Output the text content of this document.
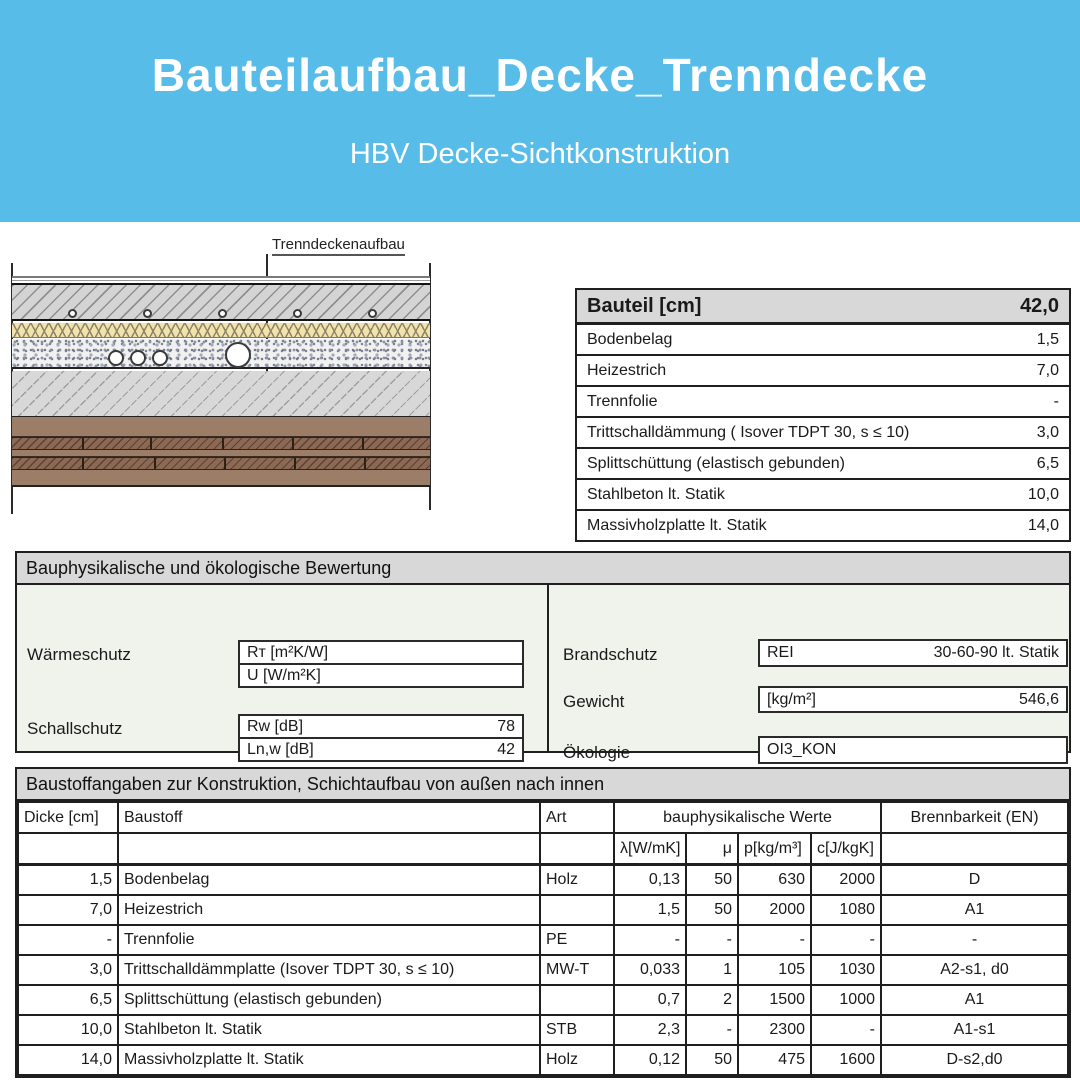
Bauteilaufbau_Decke_Trenndecke
HBV Decke-Sichtkonstruktion
Trenndeckenaufbau
Bauteil [cm]	42,0
Bodenbelag	1,5
Heizestrich	7,0
Trennfolie	-
Trittschalldämmung ( Isover TDPT 30, s ≤ 10)	3,0
Splittschüttung (elastisch gebunden)	6,5
Stahlbeton lt. Statik	10,0
Massivholzplatte lt. Statik	14,0
Bauphysikalische und ökologische Bewertung
Wärmeschutz	Rт [m²K/W]
U [W/m²K]
Schallschutz	Rw [dB]	78
Ln,w [dB]	42
Brandschutz	REI	30-60-90 lt. Statik
Gewicht	[kg/m²]	546,6
Ökologie	OI3_KON
Baustoffangaben zur Konstruktion, Schichtaufbau von außen nach innen
Dicke [cm]	Baustoff	Art	bauphysikalische Werte				Brennbarkeit (EN)
			λ[W/mK]	μ	p[kg/m³]	c[J/kgK]	
1,5	Bodenbelag	Holz	0,13	50	630	2000	D
7,0	Heizestrich		1,5	50	2000	1080	A1
-	Trennfolie	PE	-	-	-	-	-
3,0	Trittschalldämmplatte (Isover TDPT 30, s ≤ 10)	MW-T	0,033	1	105	1030	A2-s1, d0
6,5	Splittschüttung (elastisch gebunden)		0,7	2	1500	1000	A1
10,0	Stahlbeton lt. Statik	STB	2,3	-	2300	-	A1-s1
14,0	Massivholzplatte lt. Statik	Holz	0,12	50	475	1600	D-s2,d0
